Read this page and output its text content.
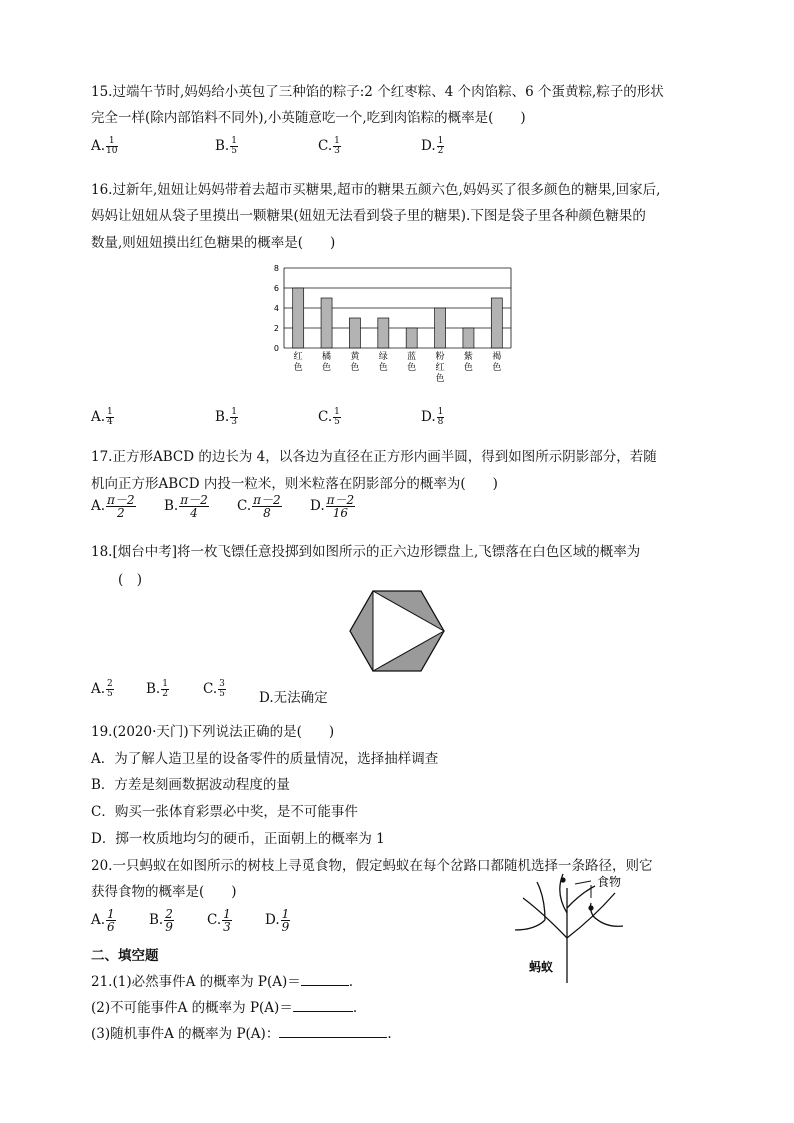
15.过端午节时,妈妈给小英包了三种馅的粽子:2 个红枣粽、4 个肉馅粽、6 个蛋黄粽,粽子的形状
完全一样(除内部馅料不同外),小英随意吃一个,吃到肉馅粽的概率是(　　)
A. $\frac{1}{10}$	B. $\frac{1}{5}$	C. $\frac{1}{3}$	D. $\frac{1}{2}$
16.过新年,妞妞让妈妈带着去超市买糖果,超市的糖果五颜六色,妈妈买了很多颜色的糖果,回家后,
妈妈让妞妞从袋子里摸出一颗糖果(妞妞无法看到袋子里的糖果).下图是袋子里各种颜色糖果的
数量,则妞妞摸出红色糖果的概率是(　　)
0
2
4
6
8
红
色
橘
色
黄
色
绿
色
蓝
色
粉
红
色
紫
色
褐
色
A. $\frac{1}{4}$	B. $\frac{1}{3}$	C. $\frac{1}{5}$	D. $\frac{1}{8}$
17.正方形ABCD 的边长为 4，以各边为直径在正方形内画半圆，得到如图所示阴影部分，若随
机向正方形ABCD 内投一粒米，则米粒落在阴影部分的概率为(　　)
A. $\frac{\pi-2}{2} B$. $\frac{\pi-2}{4} C$. $\frac{\pi-2}{8} D$. $\frac{\pi-2}{16}$
18.[烟台中考]将一枚飞镖任意投掷到如图所示的正六边形镖盘上,飞镖落在白色区域的概率为
(　)
A. $\frac{2}{5} B$. $\frac{1}{2}$	C. $\frac{3}{5} D$.无法确定
19.(2020·天门)下列说法正确的是(　　)
A．为了解人造卫星的设备零件的质量情况，选择抽样调查
B．方差是刻画数据波动程度的量
C．购买一张体育彩票必中奖，是不可能事件
D．掷一枚质地均匀的硬币，正面朝上的概率为 1
20.一只蚂蚁在如图所示的树枝上寻觅食物，假定蚂蚁在每个岔路口都随机选择一条路径，则它
获得食物的概率是(　　)
A. $\frac{1}{6} B$. $\frac{2}{9} C$. $\frac{1}{3} D$. $\frac{1}{9}$
食物
蚂蚁
二、填空题
21.(1)必然事件A 的概率为 P(A)＝	.
(2)不可能事件A 的概率为 P(A)＝	.
(3)随机事件A 的概率为 P(A)：	.
